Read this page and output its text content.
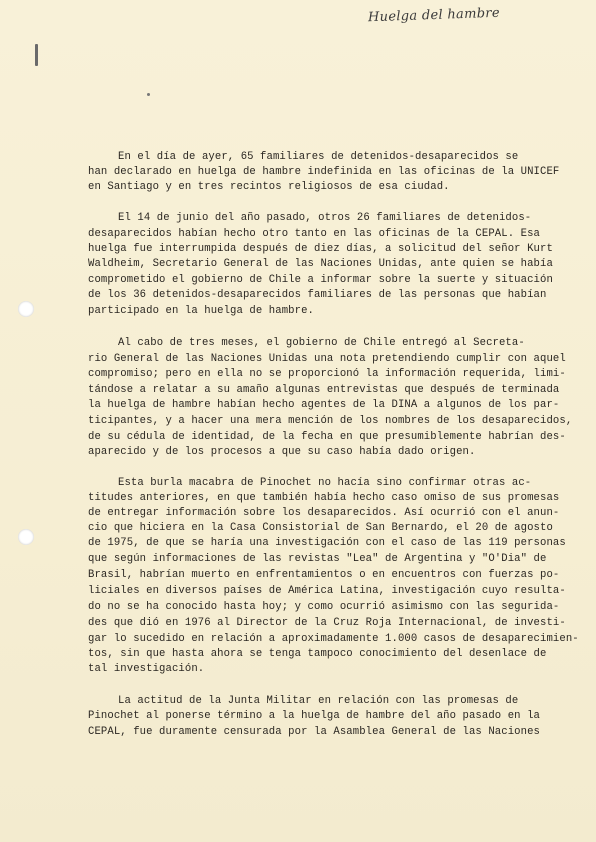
Huelga del hambre
En el día de ayer, 65 familiares de detenidos-desaparecidos se
han declarado en huelga de hambre indefinida en las oficinas de la UNICEF
en Santiago y en tres recintos religiosos de esa ciudad.
El 14 de junio del año pasado, otros 26 familiares de detenidos-
desaparecidos habían hecho otro tanto en las oficinas de la CEPAL. Esa
huelga fue interrumpida después de diez días, a solicitud del señor Kurt
Waldheim, Secretario General de las Naciones Unidas, ante quien se había
comprometido el gobierno de Chile a informar sobre la suerte y situación
de los 36 detenidos-desaparecidos familiares de las personas que habían
participado en la huelga de hambre.
Al cabo de tres meses, el gobierno de Chile entregó al Secreta-
rio General de las Naciones Unidas una nota pretendiendo cumplir con aquel
compromiso; pero en ella no se proporcionó la información requerida, limi-
tándose a relatar a su amaño algunas entrevistas que después de terminada
la huelga de hambre habían hecho agentes de la DINA a algunos de los par-
ticipantes, y a hacer una mera mención de los nombres de los desaparecidos,
de su cédula de identidad, de la fecha en que presumiblemente habrían des-
aparecido y de los procesos a que su caso había dado origen.
Esta burla macabra de Pinochet no hacía sino confirmar otras ac-
titudes anteriores, en que también había hecho caso omiso de sus promesas
de entregar información sobre los desaparecidos. Así ocurrió con el anun-
cio que hiciera en la Casa Consistorial de San Bernardo, el 20 de agosto
de 1975, de que se haría una investigación con el caso de las 119 personas
que según informaciones de las revistas "Lea" de Argentina y "O'Dia" de
Brasil, habrían muerto en enfrentamientos o en encuentros con fuerzas po-
liciales en diversos países de América Latina, investigación cuyo resulta-
do no se ha conocido hasta hoy; y como ocurrió asimismo con las segurida-
des que dió en 1976 al Director de la Cruz Roja Internacional, de investi-
gar lo sucedido en relación a aproximadamente 1.000 casos de desaparecimien-
tos, sin que hasta ahora se tenga tampoco conocimiento del desenlace de
tal investigación.
La actitud de la Junta Militar en relación con las promesas de
Pinochet al ponerse término a la huelga de hambre del año pasado en la
CEPAL, fue duramente censurada por la Asamblea General de las Naciones
